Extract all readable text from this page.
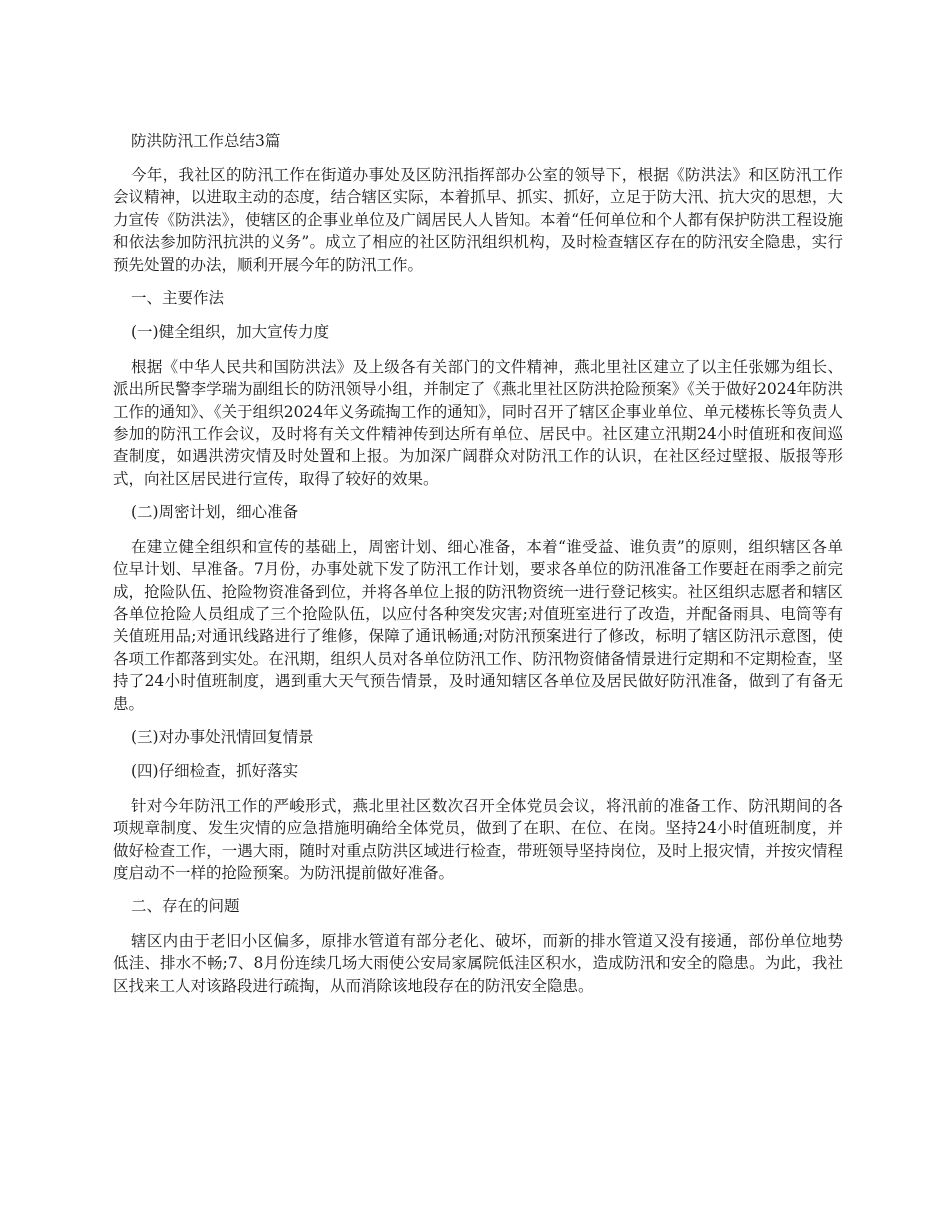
防洪防汛工作总结3篇

今年，我社区的防汛工作在街道办事处及区防汛指挥部办公室的领导下，根据《防洪法》和区防汛工作会议精神，以进取主动的态度，结合辖区实际，本着抓早、抓实、抓好，立足于防大汛、抗大灾的思想，大力宣传《防洪法》，使辖区的企事业单位及广阔居民人人皆知。本着“任何单位和个人都有保护防洪工程设施和依法参加防汛抗洪的义务”。成立了相应的社区防汛组织机构，及时检查辖区存在的防汛安全隐患，实行预先处置的办法，顺利开展今年的防汛工作。

一、主要作法

(一)健全组织，加大宣传力度

根据《中华人民共和国防洪法》及上级各有关部门的文件精神，燕北里社区建立了以主任张娜为组长、派出所民警李学瑞为副组长的防汛领导小组，并制定了《燕北里社区防洪抢险预案》《关于做好2024年防洪工作的通知》、《关于组织2024年义务疏掏工作的通知》，同时召开了辖区企事业单位、单元楼栋长等负责人参加的防汛工作会议，及时将有关文件精神传到达所有单位、居民中。社区建立汛期24小时值班和夜间巡查制度，如遇洪涝灾情及时处置和上报。为加深广阔群众对防汛工作的认识，在社区经过壁报、版报等形式，向社区居民进行宣传，取得了较好的效果。

(二)周密计划，细心准备

在建立健全组织和宣传的基础上，周密计划、细心准备，本着“谁受益、谁负责”的原则，组织辖区各单位早计划、早准备。7月份，办事处就下发了防汛工作计划，要求各单位的防汛准备工作要赶在雨季之前完成，抢险队伍、抢险物资准备到位，并将各单位上报的防汛物资统一进行登记核实。社区组织志愿者和辖区各单位抢险人员组成了三个抢险队伍，以应付各种突发灾害;对值班室进行了改造，并配备雨具、电筒等有关值班用品;对通讯线路进行了维修，保障了通讯畅通;对防汛预案进行了修改，标明了辖区防汛示意图，使各项工作都落到实处。在汛期，组织人员对各单位防汛工作、防汛物资储备情景进行定期和不定期检查，坚持了24小时值班制度，遇到重大天气预告情景，及时通知辖区各单位及居民做好防汛准备，做到了有备无患。

(三)对办事处汛情回复情景

(四)仔细检查，抓好落实

针对今年防汛工作的严峻形式，燕北里社区数次召开全体党员会议，将汛前的准备工作、防汛期间的各项规章制度、发生灾情的应急措施明确给全体党员，做到了在职、在位、在岗。坚持24小时值班制度，并做好检查工作，一遇大雨，随时对重点防洪区域进行检查，带班领导坚持岗位，及时上报灾情，并按灾情程度启动不一样的抢险预案。为防汛提前做好准备。

二、存在的问题

辖区内由于老旧小区偏多，原排水管道有部分老化、破坏，而新的排水管道又没有接通，部份单位地势低洼、排水不畅;7、8月份连续几场大雨使公安局家属院低洼区积水，造成防汛和安全的隐患。为此，我社区找来工人对该路段进行疏掏，从而消除该地段存在的防汛安全隐患。
